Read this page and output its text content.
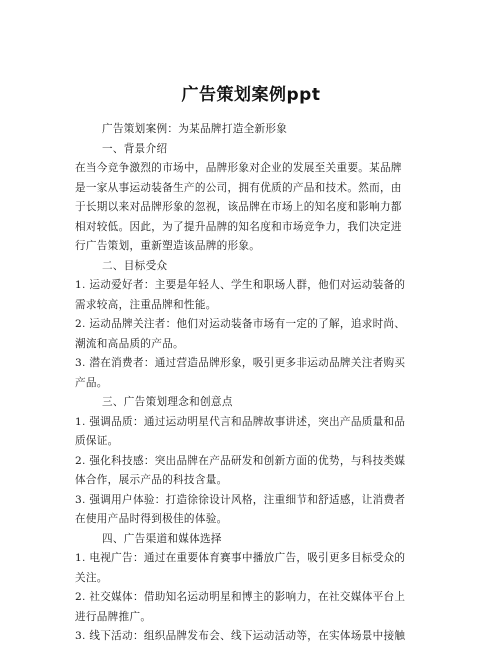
广告策划案例ppt
广告策划案例：为某品牌打造全新形象
一、背景介绍
在当今竞争激烈的市场中，品牌形象对企业的发展至关重要。某品牌
是一家从事运动装备生产的公司，拥有优质的产品和技术。然而，由
于长期以来对品牌形象的忽视，该品牌在市场上的知名度和影响力都
相对较低。因此，为了提升品牌的知名度和市场竞争力，我们决定进
行广告策划，重新塑造该品牌的形象。
二、目标受众
1. 运动爱好者：主要是年轻人、学生和职场人群，他们对运动装备的
需求较高，注重品牌和性能。
2. 运动品牌关注者：他们对运动装备市场有一定的了解，追求时尚、
潮流和高品质的产品。
3. 潜在消费者：通过营造品牌形象，吸引更多非运动品牌关注者购买
产品。
三、广告策划理念和创意点
1. 强调品质：通过运动明星代言和品牌故事讲述，突出产品质量和品
质保证。
2. 强化科技感：突出品牌在产品研发和创新方面的优势，与科技类媒
体合作，展示产品的科技含量。
3. 强调用户体验：打造徐徐设计风格，注重细节和舒适感，让消费者
在使用产品时得到极佳的体验。
四、广告渠道和媒体选择
1. 电视广告：通过在重要体育赛事中播放广告，吸引更多目标受众的
关注。
2. 社交媒体：借助知名运动明星和博主的影响力，在社交媒体平台上
进行品牌推广。
3. 线下活动：组织品牌发布会、线下运动活动等，在实体场景中接触
